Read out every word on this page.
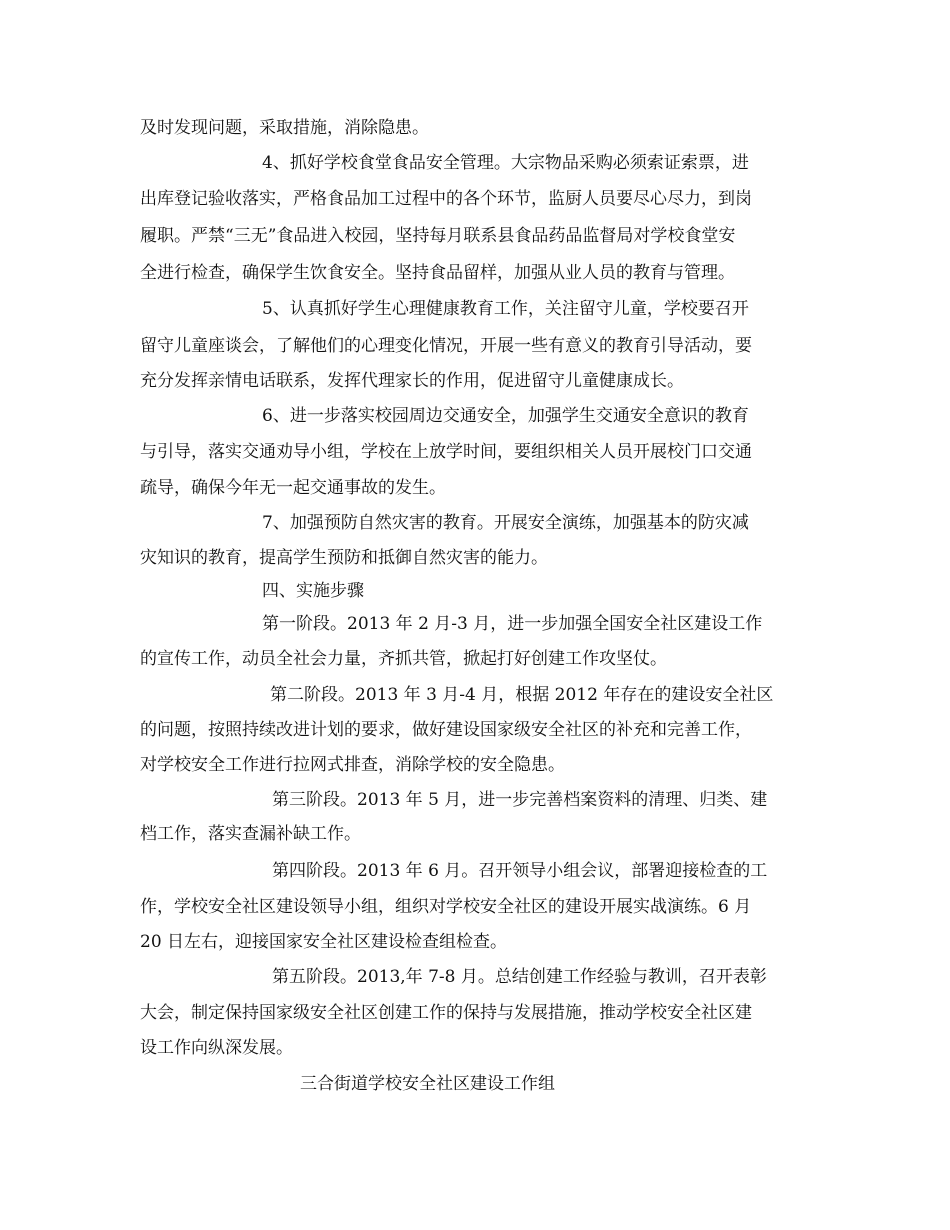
及时发现问题，采取措施，消除隐患。
4、抓好学校食堂食品安全管理。大宗物品采购必须索证索票，进
出库登记验收落实，严格食品加工过程中的各个环节，监厨人员要尽心尽力，到岗
履职。严禁“三无”食品进入校园，坚持每月联系县食品药品监督局对学校食堂安
全进行检查，确保学生饮食安全。坚持食品留样，加强从业人员的教育与管理。
5、认真抓好学生心理健康教育工作，关注留守儿童，学校要召开
留守儿童座谈会，了解他们的心理变化情况，开展一些有意义的教育引导活动，要
充分发挥亲情电话联系，发挥代理家长的作用，促进留守儿童健康成长。
6、进一步落实校园周边交通安全，加强学生交通安全意识的教育
与引导，落实交通劝导小组，学校在上放学时间，要组织相关人员开展校门口交通
疏导，确保今年无一起交通事故的发生。
7、加强预防自然灾害的教育。开展安全演练，加强基本的防灾减
灾知识的教育，提高学生预防和抵御自然灾害的能力。
四、实施步骤
第一阶段。2013 年 2 月-3 月，进一步加强全国安全社区建设工作
的宣传工作，动员全社会力量，齐抓共管，掀起打好创建工作攻坚仗。
第二阶段。2013 年 3 月-4 月，根据 2012 年存在的建设安全社区
的问题，按照持续改进计划的要求，做好建设国家级安全社区的补充和完善工作，
对学校安全工作进行拉网式排查，消除学校的安全隐患。
第三阶段。2013 年 5 月，进一步完善档案资料的清理、归类、建
档工作，落实查漏补缺工作。
第四阶段。2013 年 6 月。召开领导小组会议，部署迎接检查的工
作，学校安全社区建设领导小组，组织对学校安全社区的建设开展实战演练。6 月
20 日左右，迎接国家安全社区建设检查组检查。
第五阶段。2013,年 7-8 月。总结创建工作经验与教训，召开表彰
大会，制定保持国家级安全社区创建工作的保持与发展措施，推动学校安全社区建
设工作向纵深发展。
三合街道学校安全社区建设工作组
